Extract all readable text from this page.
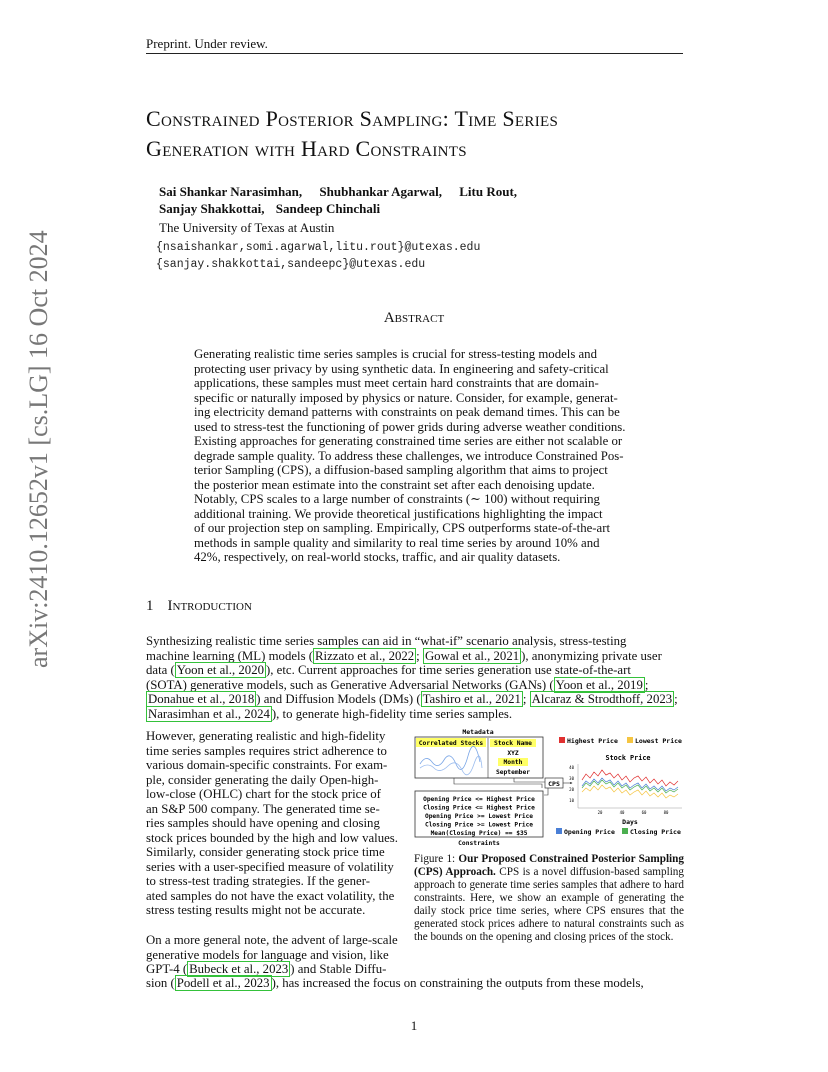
Preprint. Under review.
Constrained Posterior Sampling: Time Series
Generation with Hard Constraints
Sai Shankar Narasimhan, Shubhankar Agarwal, Litu Rout,
Sanjay Shakkottai, Sandeep Chinchali
The University of Texas at Austin
{nsaishankar,somi.agarwal,litu.rout}@utexas.edu
{sanjay.shakkottai,sandeepc}@utexas.edu
arXiv:2410.12652v1 [cs.LG] 16 Oct 2024	Abstract
Generating realistic time series samples is crucial for stress-testing models and
protecting user privacy by using synthetic data. In engineering and safety-critical
applications, these samples must meet certain hard constraints that are domain-
specific or naturally imposed by physics or nature. Consider, for example, generat-
ing electricity demand patterns with constraints on peak demand times. This can be
used to stress-test the functioning of power grids during adverse weather conditions.
Existing approaches for generating constrained time series are either not scalable or
degrade sample quality. To address these challenges, we introduce Constrained Pos-
terior Sampling (CPS), a diffusion-based sampling algorithm that aims to project
the posterior mean estimate into the constraint set after each denoising update.
Notably, CPS scales to a large number of constraints (∼ 100) without requiring
additional training. We provide theoretical justifications highlighting the impact
of our projection step on sampling. Empirically, CPS outperforms state-of-the-art
methods in sample quality and similarity to real time series by around 10% and
42%, respectively, on real-world stocks, traffic, and air quality datasets.
1 Introduction
Synthesizing realistic time series samples can aid in “what-if” scenario analysis, stress-testing
machine learning (ML) models ( Rizzato et al., 2022 ; Gowal et al., 2021 ), anonymizing private user
data ( Yoon et al., 2020 ), etc. Current approaches for time series generation use state-of-the-art
(SOTA) generative models, such as Generative Adversarial Networks (GANs) ( Yoon et al., 2019 ;
Donahue et al., 2018 ) and Diffusion Models (DMs) ( Tashiro et al., 2021 ; Alcaraz & Strodthoff, 2023 ;
Narasimhan et al., 2024 ), to generate high-fidelity time series samples.
However, generating realistic and high-fidelity
time series samples requires strict adherence to
various domain-specific constraints. For exam-
ple, consider generating the daily Open-high-
low-close (OHLC) chart for the stock price of
an S&P 500 company. The generated time se-
ries samples should have opening and closing
stock prices bounded by the high and low values.
Similarly, consider generating stock price time
series with a user-specified measure of volatility
to stress-test trading strategies. If the gener-
ated samples do not have the exact volatility, the
stress testing results might not be accurate.
On a more general note, the advent of large-scale
generative models for language and vision, like
GPT-4 ( Bubeck et al., 2023 ) and Stable Diffu-
sion ( Podell et al., 2023 ), has increased the focus on constraining the outputs from these models,
Metadata
Correlated Stocks Stock Name
XYZ
Month
September
CPS
Opening Price <= Highest Price
Closing Price <= Highest Price
Opening Price >= Lowest Price
Closing Price >= Lowest Price
Mean(Closing Price) == $35
Constraints
Highest Price	Lowest Price
Stock Price
40
30
20
10
20	40	60	80
Days
Opening Price Closing Price
Figure 1: Our Proposed Constrained Posterior Sampling (CPS) Approach. CPS is a novel diffusion-based sampling approach to generate time series samples that adhere to hard constraints. Here, we show an example of generating the daily stock price time series, where CPS ensures that the generated stock prices adhere to natural constraints such as the bounds on the opening and closing prices of the stock.
1
